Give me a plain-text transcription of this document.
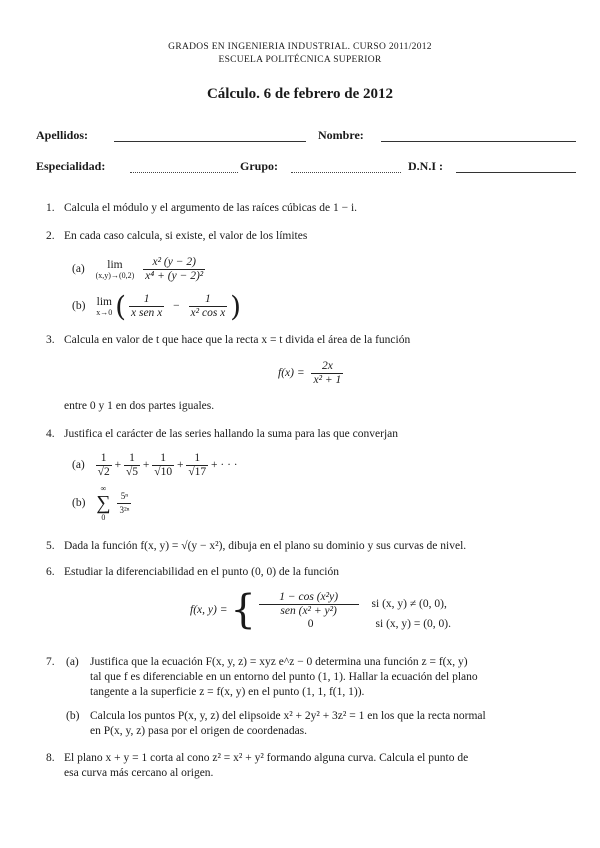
GRADOS EN INGENIERIA INDUSTRIAL. CURSO 2011/2012
ESCUELA POLITÉCNICA SUPERIOR
Cálculo. 6 de febrero de 2012
Apellidos:	Nombre:
Especialidad:	Grupo:	D.N.I :
1. Calcula el módulo y el argumento de las raíces cúbicas de 1 − i.
2. En cada caso calcula, si existe, el valor de los límites
(a)	lim
(x,y)→(0,2)
$\frac{\text{x² (y − 2)}}{\text{x⁴ + (y − 2)²}}$
(b) lim
x→0 ( $\frac{1}{\text{x sen x}} - \frac{1}{\text{x² cos x}}$ )
3. Calcula en valor de t que hace que la recta x = t divida el área de la función
$f(x) = \frac{2x}{\text{x² + 1}}$
entre 0 y 1 en dos partes iguales.
4. Justifica el carácter de las series hallando la suma para las que converjan
$(a) \frac{1}{√2} + \frac{1}{√5} + \frac{1}{√10} + \frac{1}{√17}$ + · · ·
(b)
∞
∑
0

$\frac{\text{5ⁿ}}{\text{3²ⁿ}}$
5. Dada la función f(x, y) = √(y − x²), dibuja en el plano su dominio y sus curvas de nivel.
6. Estudiar la diferenciabilidad en el punto (0, 0) de la función
f(x, y) = { $\frac{\text{1 − cos (x²y)}}{\text{sen (x² + y²)}}$ si (x, y) ≠ (0, 0),
0	si (x, y) = (0, 0).
7. (a) Justifica que la ecuación F(x, y, z) = xyz e^z − 0 determina una función z = f(x, y)
tal que f es diferenciable en un entorno del punto (1, 1). Hallar la ecuación del plano
tangente a la superficie z = f(x, y) en el punto (1, 1, f(1, 1)).
(b) Calcula los puntos P(x, y, z) del elipsoide x² + 2y² + 3z² = 1 en los que la recta normal
en P(x, y, z) pasa por el origen de coordenadas.
8. El plano x + y = 1 corta al cono z² = x² + y² formando alguna curva. Calcula el punto de
esa curva más cercano al origen.
